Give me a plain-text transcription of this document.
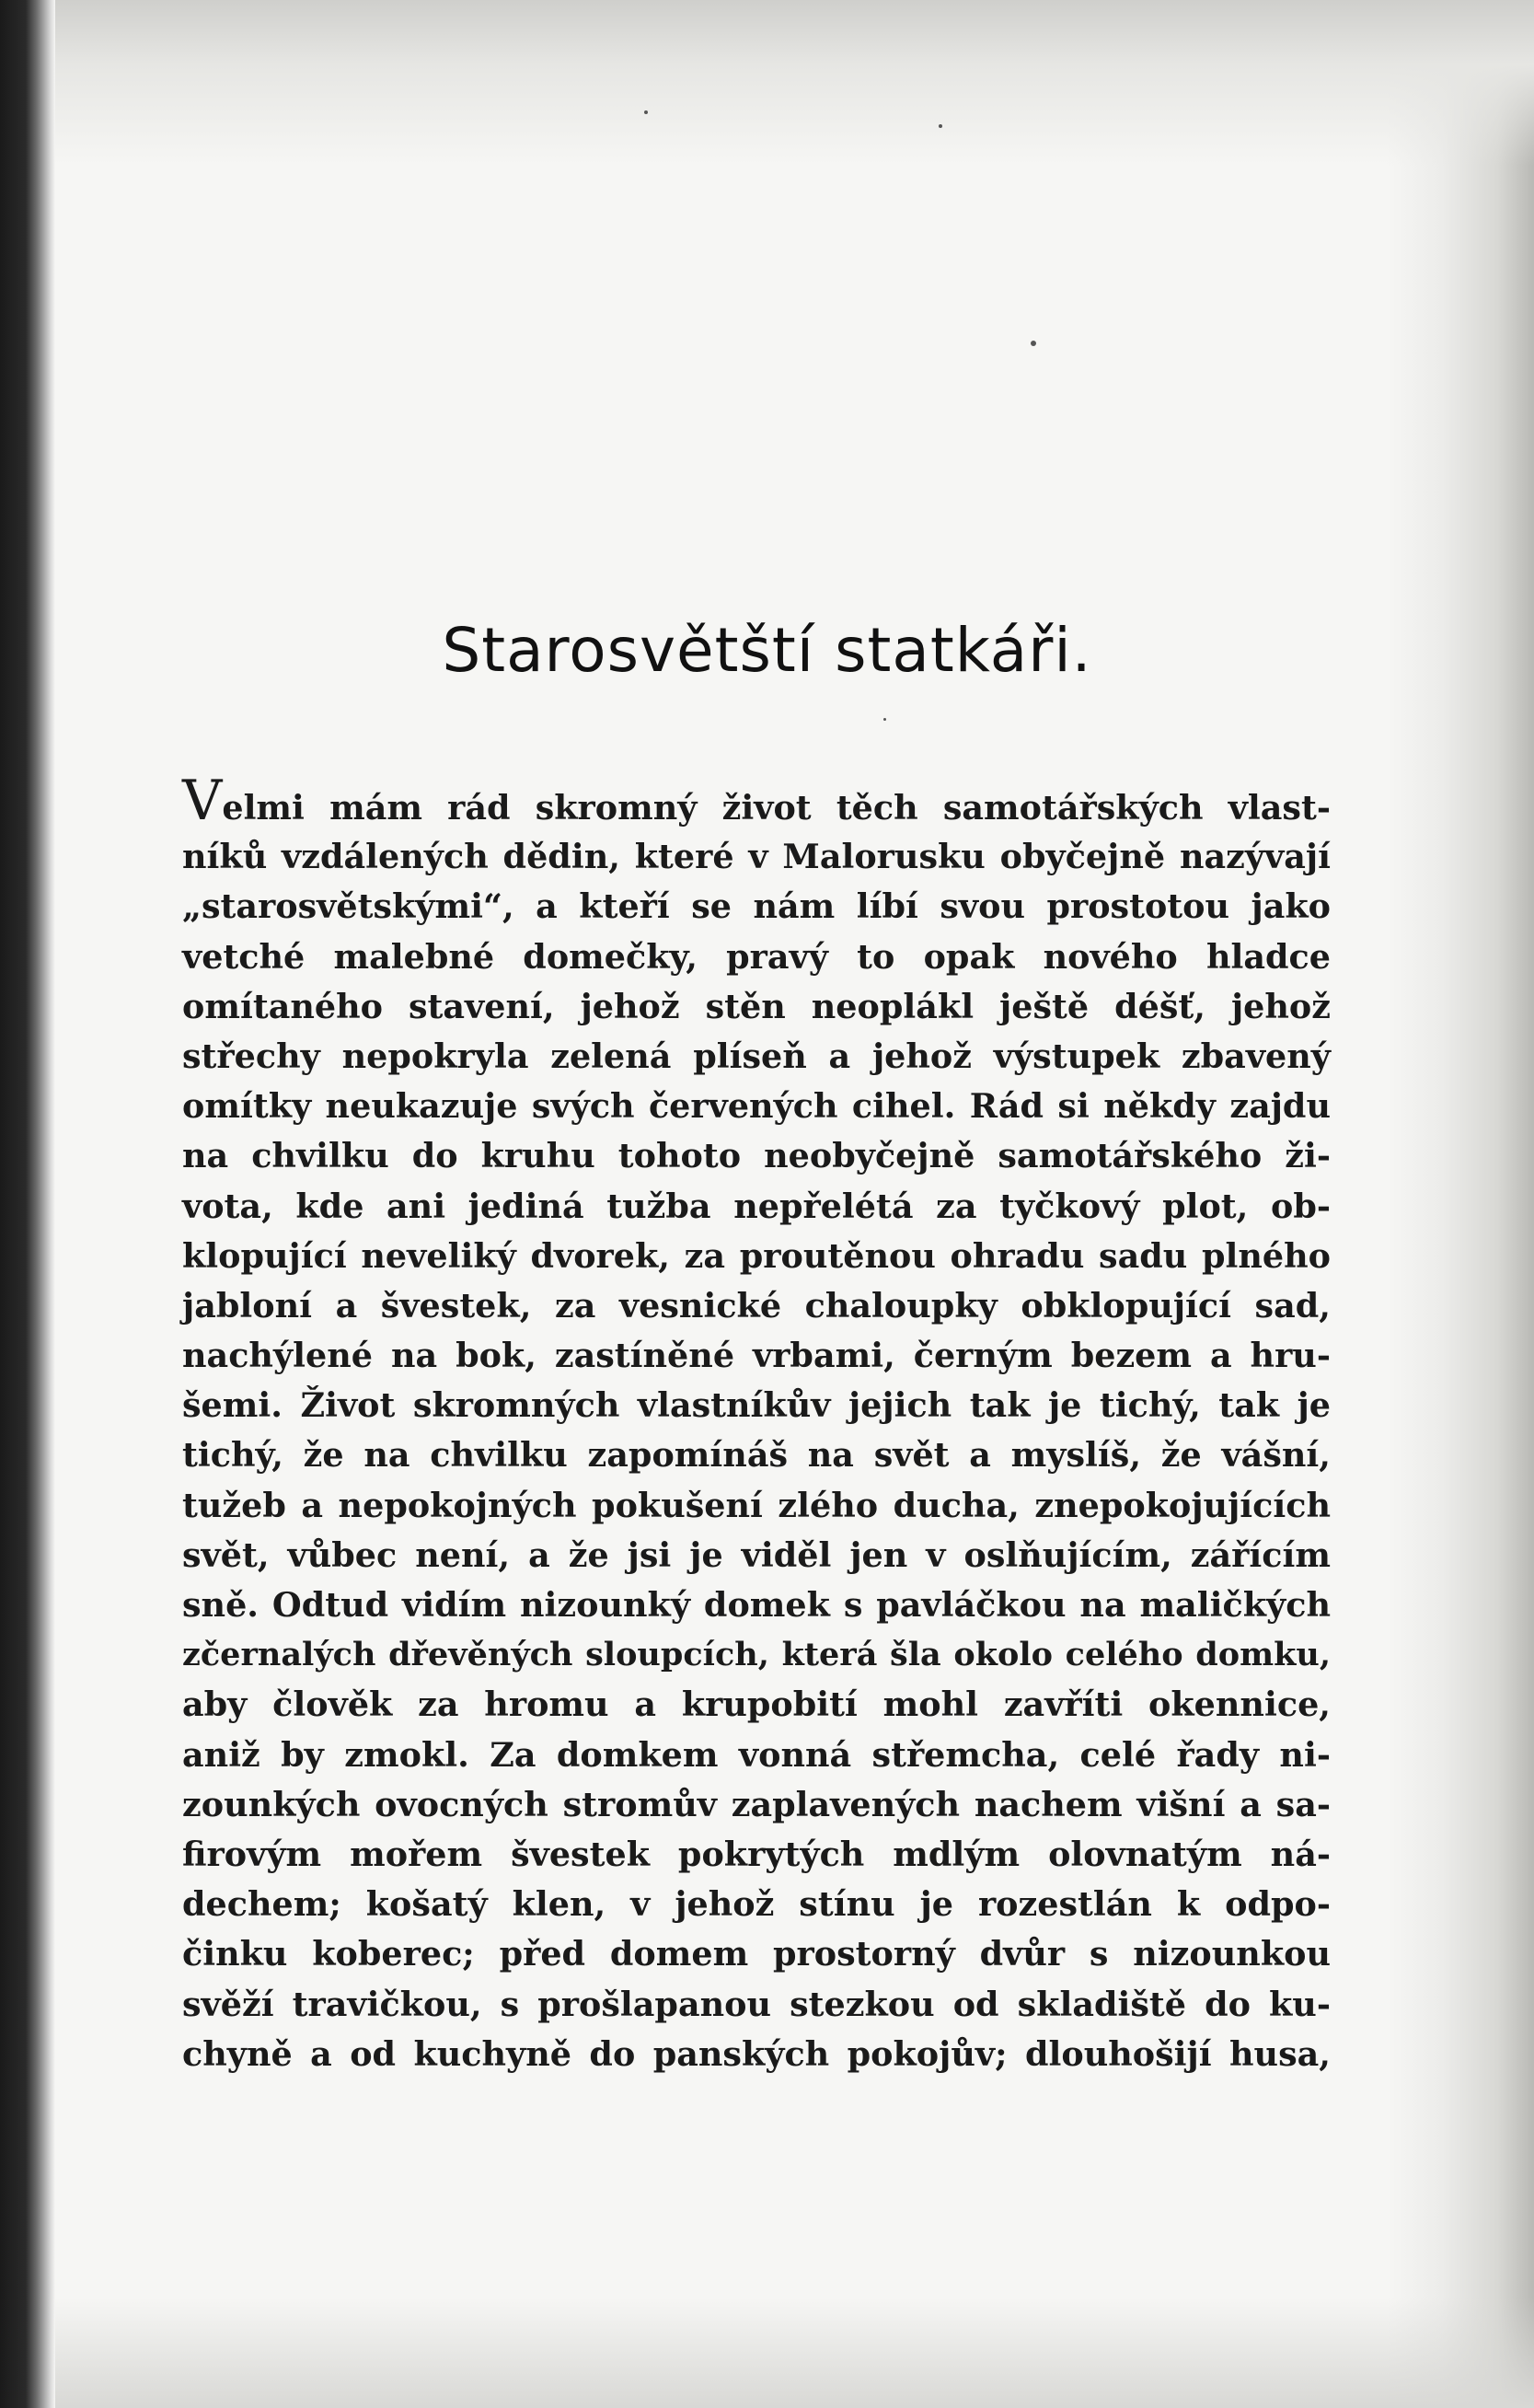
Starosvětští statkáři.
Velmi mám rád skromný život těch samotářských vlast-
níků vzdálených dědin, které v Malorusku obyčejně nazývají
„starosvětskými“, a kteří se nám líbí svou prostotou jako
vetché malebné domečky, pravý to opak nového hladce
omítaného stavení, jehož stěn neoplákl ještě déšť, jehož
střechy nepokryla zelená plíseň a jehož výstupek zbavený
omítky neukazuje svých červených cihel. Rád si někdy zajdu
na chvilku do kruhu tohoto neobyčejně samotářského ži-
vota, kde ani jediná tužba nepřelétá za tyčkový plot, ob-
klopující neveliký dvorek, za proutěnou ohradu sadu plného
jabloní a švestek, za vesnické chaloupky obklopující sad,
nachýlené na bok, zastíněné vrbami, černým bezem a hru-
šemi. Život skromných vlastníkův jejich tak je tichý, tak je
tichý, že na chvilku zapomínáš na svět a myslíš, že vášní,
tužeb a nepokojných pokušení zlého ducha, znepokojujících
svět, vůbec není, a že jsi je viděl jen v oslňujícím, zářícím
sně. Odtud vidím nizounký domek s pavláčkou na maličkých
zčernalých dřevěných sloupcích, která šla okolo celého domku,
aby člověk za hromu a krupobití mohl zavříti okennice,
aniž by zmokl. Za domkem vonná střemcha, celé řady ni-
zounkých ovocných stromův zaplavených nachem višní a sa-
firovým mořem švestek pokrytých mdlým olovnatým ná-
dechem; košatý klen, v jehož stínu je rozestlán k odpo-
činku koberec; před domem prostorný dvůr s nizounkou
svěží travičkou, s prošlapanou stezkou od skladiště do ku-
chyně a od kuchyně do panských pokojův; dlouhošijí husa,
